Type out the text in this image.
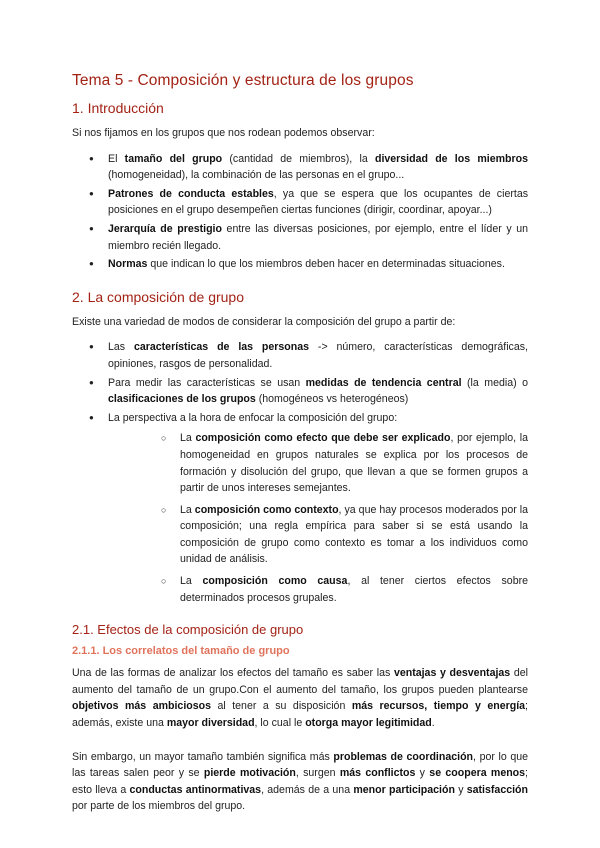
Tema 5 - Composición y estructura de los grupos
1. Introducción

Si nos fijamos en los grupos que nos rodean podemos observar:

● El tamaño del grupo (cantidad de miembros), la diversidad de los miembros (homogeneidad), la combinación de las personas en el grupo...
● Patrones de conducta estables, ya que se espera que los ocupantes de ciertas posiciones en el grupo desempeñen ciertas funciones (dirigir, coordinar, apoyar...)
● Jerarquía de prestigio entre las diversas posiciones, por ejemplo, entre el líder y un miembro recién llegado.
● Normas que indican lo que los miembros deben hacer en determinadas situaciones.
2. La composición de grupo

Existe una variedad de modos de considerar la composición del grupo a partir de:

● Las características de las personas -> número, características demográficas, opiniones, rasgos de personalidad.
● Para medir las características se usan medidas de tendencia central (la media) o clasificaciones de los grupos (homogéneos vs heterogéneos)
● La perspectiva a la hora de enfocar la composición del grupo:
○ La composición como efecto que debe ser explicado, por ejemplo, la homogeneidad en grupos naturales se explica por los procesos de formación y disolución del grupo, que llevan a que se formen grupos a partir de unos intereses semejantes.
○ La composición como contexto, ya que hay procesos moderados por la composición; una regla empírica para saber si se está usando la composición de grupo como contexto es tomar a los individuos como unidad de análisis.
○ La composición como causa, al tener ciertos efectos sobre determinados procesos grupales.
2.1. Efectos de la composición de grupo
2.1.1. Los correlatos del tamaño de grupo

Una de las formas de analizar los efectos del tamaño es saber las ventajas y desventajas del aumento del tamaño de un grupo.Con el aumento del tamaño, los grupos pueden plantearse objetivos más ambiciosos al tener a su disposición más recursos, tiempo y energía; además, existe una mayor diversidad, lo cual le otorga mayor legitimidad.

Sin embargo, un mayor tamaño también significa más problemas de coordinación, por lo que las tareas salen peor y se pierde motivación, surgen más conflictos y se coopera menos; esto lleva a conductas antinormativas, además de a una menor participación y satisfacción por parte de los miembros del grupo.
